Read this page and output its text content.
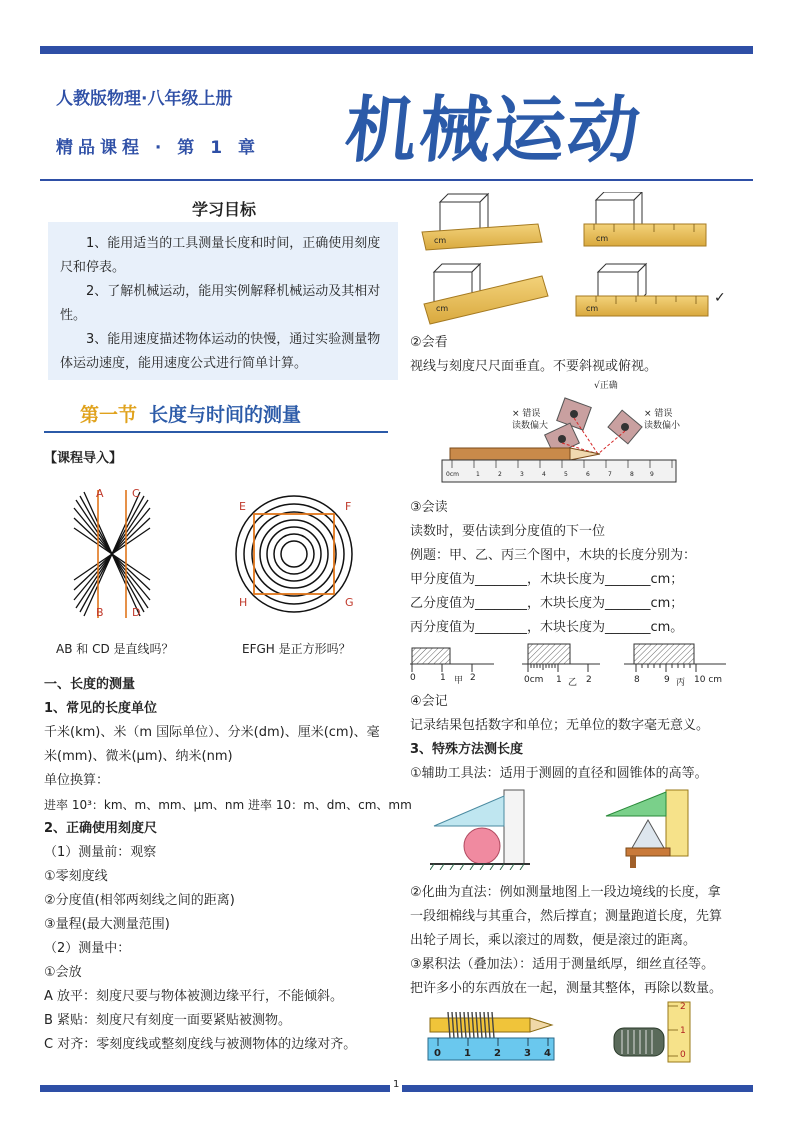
人教版物理·八年级上册
精品课程 · 第 1 章 机械运动
学习目标

1、能用适当的工具测量长度和时间，正确使用刻度尺和停表。

2、了解机械运动，能用实例解释机械运动及其相对性。

3、能用速度描述物体运动的快慢，通过实验测量物体运动速度，能用速度公式进行简单计算。

第一节 长度与时间的测量
【课程导入】
A	C
B	D
AB 和 CD 是直线吗？
E	F
H	G
EFGH 是正方形吗？
一、长度的测量
1、常见的长度单位
千米(km)、米（m 国际单位）、分米(dm)、厘米(cm)、毫
米(mm)、微米(μm)、纳米(nm)
单位换算：
进率 10³：km、m、mm、μm、nm 进率 10：m、dm、cm、mm
2、正确使用刻度尺
（1）测量前：观察
①零刻度线
②分度值(相邻两刻线之间的距离)
③量程(最大测量范围)
（2）测量中：
①会放
A 放平：刻度尺要与物体被测边缘平行，不能倾斜。
B 紧贴：刻度尺有刻度一面要紧贴被测物。
C 对齐：零刻度线或整刻度线与被测物体的边缘对齐。
cm	cm
cm	cm
✓
②会看
视线与刻度尺尺面垂直。不要斜视或俯视。
√正确
× 错误
读数偏大
× 错误
读数偏小
0cm	1	2	3	4	5	6	7	8	9
③会读
读数时，要估读到分度值的下一位
例题：甲、乙、丙三个图中，木块的长度分别为：
甲分度值为________，木块长度为_______cm；
乙分度值为________，木块长度为_______cm；
丙分度值为________，木块长度为_______cm。
0	1 甲 2	0cm 1 乙 2	8	9 丙 10 cm
④会记
记录结果包括数字和单位；无单位的数字毫无意义。
3、特殊方法测长度
①辅助工具法：适用于测圆的直径和圆锥体的高等。
②化曲为直法：例如测量地图上一段边境线的长度，拿
一段细棉线与其重合，然后撑直；测量跑道长度，先算
出轮子周长，乘以滚过的周数，便是滚过的距离。
③累积法（叠加法）：适用于测量纸厚，细丝直径等。
把许多小的东西放在一起，测量其整体，再除以数量。
0 1 2 3 4
2
1
0
1
